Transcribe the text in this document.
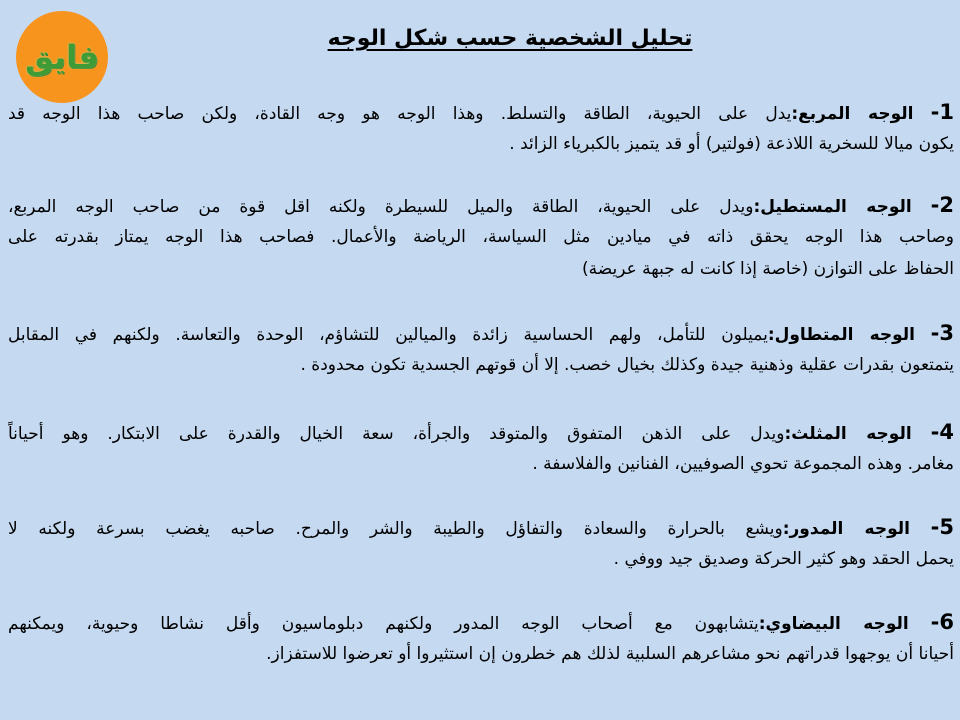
فايق	تحليل الشخصية حسب شكل الوجه
1- الوجه المربع:يدل على الحيوية، الطاقة والتسلط. وهذا الوجه هو وجه القادة، ولكن صاحب هذا الوجه قد
يكون ميالا للسخرية اللاذعة (فولتير) أو قد يتميز بالكبرياء الزائد .
2- الوجه المستطيل:ويدل على الحيوية، الطاقة والميل للسيطرة ولكنه اقل قوة من صاحب الوجه المربع،
وصاحب هذا الوجه يحقق ذاته في ميادين مثل السياسة، الرياضة والأعمال. فصاحب هذا الوجه يمتاز بقدرته على
الحفاظ على التوازن (خاصة إذا كانت له جبهة عريضة)
3- الوجه المتطاول:يميلون للتأمل، ولهم الحساسية زائدة والميالين للتشاؤم، الوحدة والتعاسة. ولكنهم في المقابل
يتمتعون بقدرات عقلية وذهنية جيدة وكذلك بخيال خصب. إلا أن قوتهم الجسدية تكون محدودة .
4- الوجه المثلث:ويدل على الذهن المتفوق والمتوقد والجرأة، سعة الخيال والقدرة على الابتكار. وهو أحياناً
مغامر. وهذه المجموعة تحوي الصوفيين، الفنانين والفلاسفة .
5- الوجه المدور:ويشع بالحرارة والسعادة والتفاؤل والطيبة والشر والمرح. صاحبه يغضب بسرعة ولكنه لا
يحمل الحقد وهو كثير الحركة وصديق جيد ووفي .
6- الوجه البيضاوي:يتشابهون مع أصحاب الوجه المدور ولكنهم دبلوماسيون وأقل نشاطا وحيوية، ويمكنهم
أحيانا أن يوجهوا قدراتهم نحو مشاعرهم السلبية لذلك هم خطرون إن استثيروا أو تعرضوا للاستفزاز.
